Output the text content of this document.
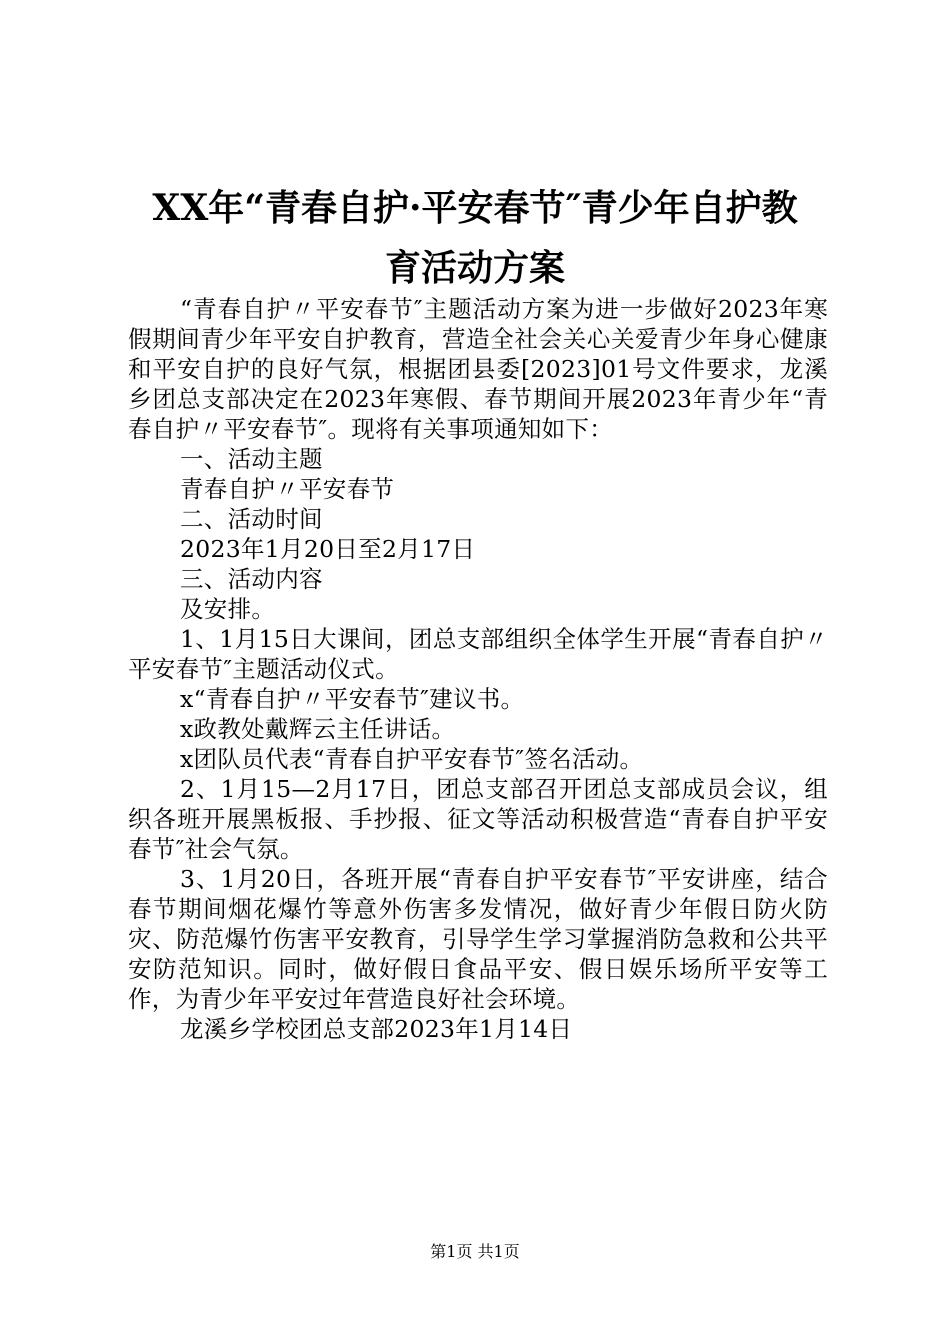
XX年“青春自护·平安春节″青少年自护教
育活动方案

“青春自护〃平安春节″主题活动方案为进一步做好2023年寒假期间青少年平安自护教育，营造全社会关心关爱青少年身心健康和平安自护的良好气氛，根据团县委[2023]01号文件要求，龙溪乡团总支部决定在2023年寒假、春节期间开展2023年青少年“青春自护〃平安春节″。现将有关事项通知如下：

一、活动主题

青春自护〃平安春节

二、活动时间

2023年1月20日至2月17日

三、活动内容

及安排。

1、1月15日大课间，团总支部组织全体学生开展“青春自护〃平安春节″主题活动仪式。

x“青春自护〃平安春节″建议书。

x政教处戴辉云主任讲话。

x团队员代表“青春自护平安春节″签名活动。

2、1月15—2月17日，团总支部召开团总支部成员会议，组织各班开展黑板报、手抄报、征文等活动积极营造“青春自护平安春节″社会气氛。

3、1月20日，各班开展“青春自护平安春节″平安讲座，结合春节期间烟花爆竹等意外伤害多发情况，做好青少年假日防火防灾、防范爆竹伤害平安教育，引导学生学习掌握消防急救和公共平安防范知识。同时，做好假日食品平安、假日娱乐场所平安等工作，为青少年平安过年营造良好社会环境。

龙溪乡学校团总支部2023年1月14日

第1页 共1页
